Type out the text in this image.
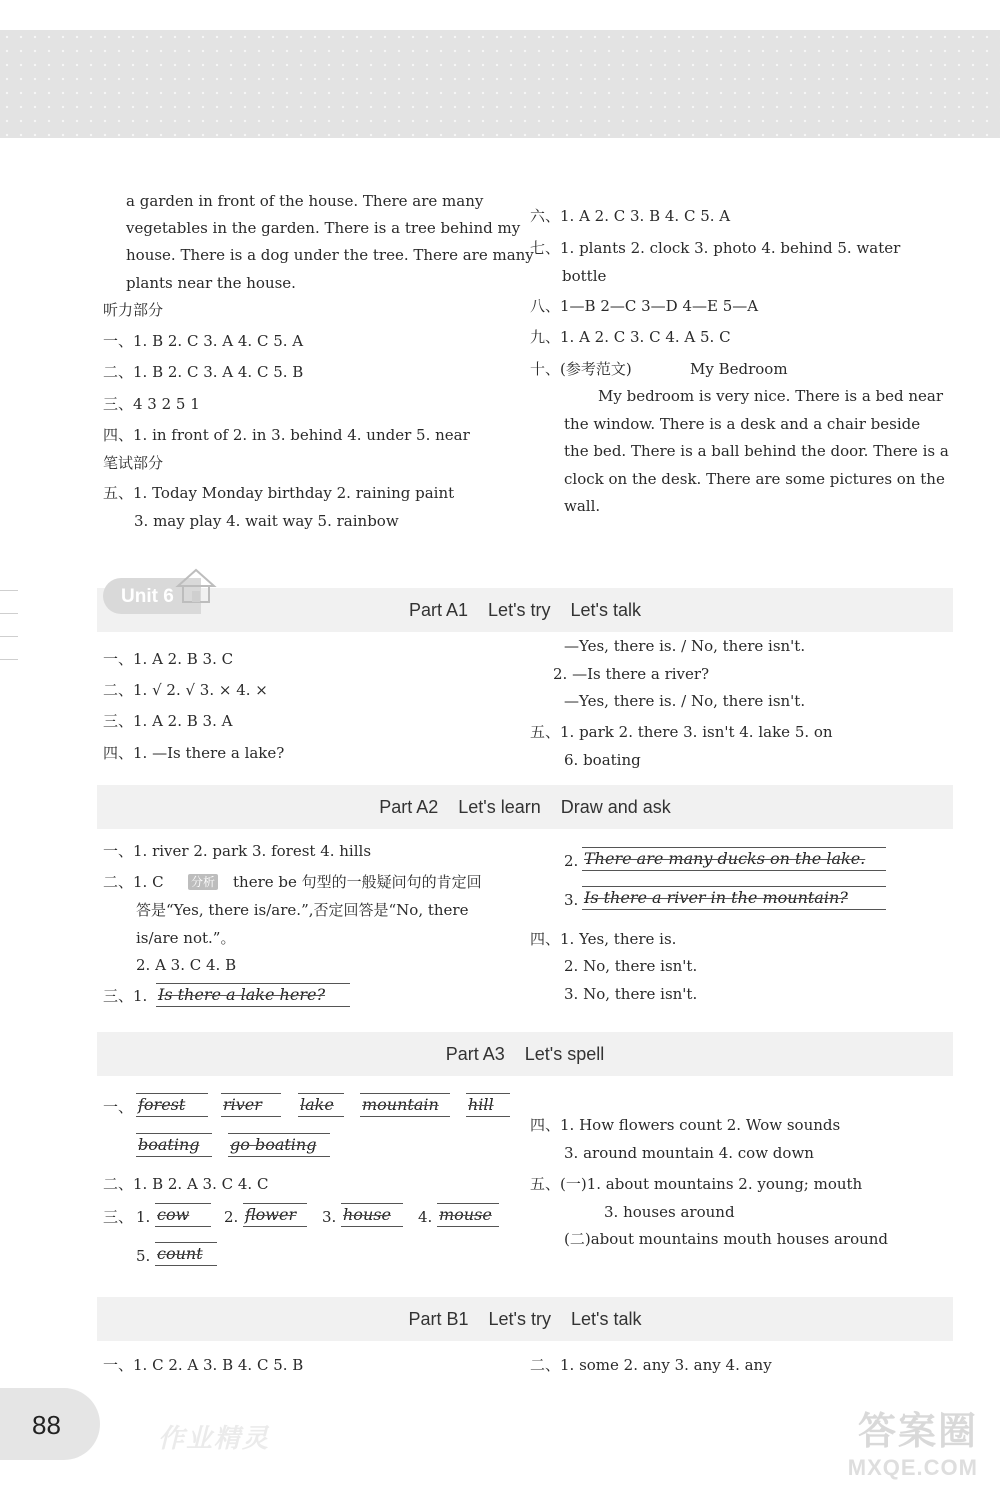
a garden in front of the house. There are many
vegetables in the garden. There is a tree behind my
house. There is a dog under the tree. There are many
plants near the house.
听力部分
一、1. B 2. C 3. A 4. C 5. A
二、1. B 2. C 3. A 4. C 5. B
三、4 3 2 5 1
四、1. in front of 2. in 3. behind 4. under 5. near
笔试部分
五、1. Today Monday birthday 2. raining paint
3. may play 4. wait way 5. rainbow
六、1. A 2. C 3. B 4. C 5. A
七、1. plants 2. clock 3. photo 4. behind 5. water
bottle
八、1—B 2—C 3—D 4—E 5—A
九、1. A 2. C 3. C 4. A 5. C
十、(参考范文)	My Bedroom
My bedroom is very nice. There is a bed near
the window. There is a desk and a chair beside
the bed. There is a ball behind the door. There is a
clock on the desk. There are some pictures on the
wall.
Unit 6
Part A1 Let's try Let's talk
一、1. A 2. B 3. C
二、1. √ 2. √ 3. × 4. ×
三、1. A 2. B 3. A
四、1. —Is there a lake?
—Yes, there is. / No, there isn't.
2. —Is there a river?
—Yes, there is. / No, there isn't.
五、1. park 2. there 3. isn't 4. lake 5. on
6. boating
Part A2 Let's learn Draw and ask
一、1. river 2. park 3. forest 4. hills
二、1. C 分析 there be 句型的一般疑问句的肯定回
答是“Yes, there is/are.”,否定回答是“No, there
is/are not.”。
2. A 3. C 4. B
三、1. Is there a lake here?
2. There are many ducks on the lake.
3. Is there a river in the mountain?
四、1. Yes, there is.
2. No, there isn't.
3. No, there isn't.
Part A3 Let's spell
一、 forest	river	lake	mountain	hill
boating	go boating
二、1. B 2. A 3. C 4. C
三、 1. cow	2. flower	3. house	4. mouse
5. count
四、1. How flowers count 2. Wow sounds
3. around mountain 4. cow down
五、(一)1. about mountains 2. young; mouth
3. houses around
(二)about mountains mouth houses around
Part B1 Let's try Let's talk
一、1. C 2. A 3. B 4. C 5. B	二、1. some 2. any 3. any 4. any
88	作业精灵	答案圈
MXQE.COM
